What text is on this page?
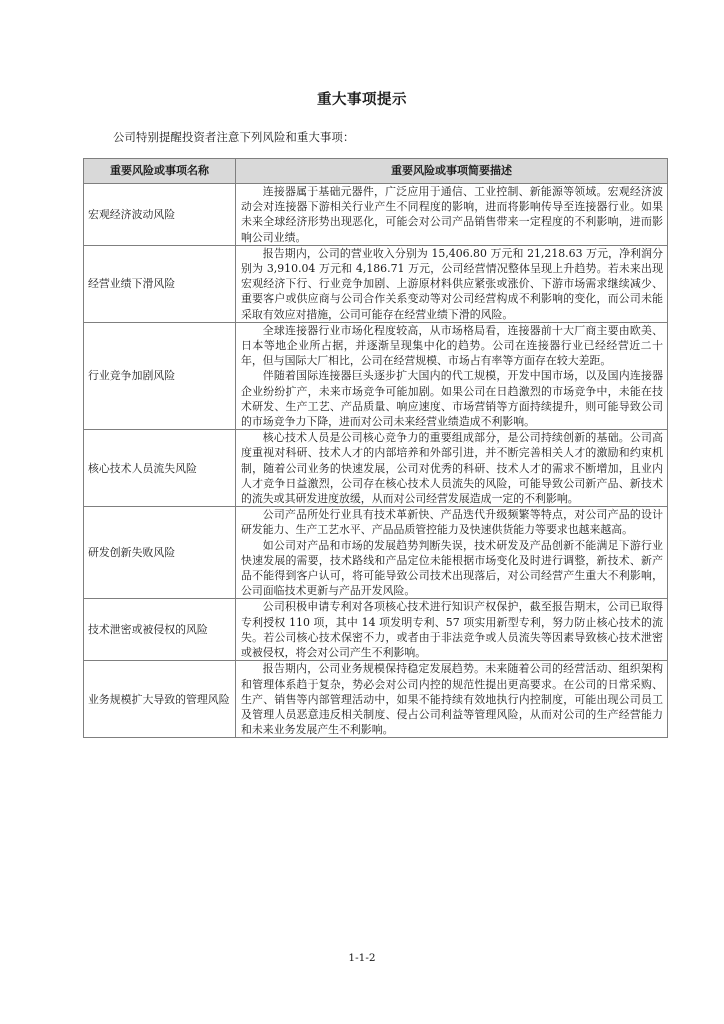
重大事项提示
公司特别提醒投资者注意下列风险和重大事项：
重要风险或事项名称	重要风险或事项简要描述
宏观经济波动风险	连接器属于基础元器件，广泛应用于通信、工业控制、新能源等领域。宏观经济波动会对连接器下游相关行业产生不同程度的影响，进而将影响传导至连接器行业。如果未来全球经济形势出现恶化，可能会对公司产品销售带来一定程度的不利影响，进而影响公司业绩。

经营业绩下滑风险	报告期内，公司的营业收入分别为 15,406.80 万元和 21,218.63 万元，净利润分别为 3,910.04 万元和 4,186.71 万元，公司经营情况整体呈现上升趋势。若未来出现宏观经济下行、行业竞争加剧、上游原材料供应紧张或涨价、下游市场需求继续减少、重要客户或供应商与公司合作关系变动等对公司经营构成不利影响的变化，而公司未能采取有效应对措施，公司可能存在经营业绩下滑的风险。

行业竞争加剧风险	全球连接器行业市场化程度较高，从市场格局看，连接器前十大厂商主要由欧美、日本等地企业所占据，并逐渐呈现集中化的趋势。公司在连接器行业已经经营近二十年，但与国际大厂相比，公司在经营规模、市场占有率等方面存在较大差距。

伴随着国际连接器巨头逐步扩大国内的代工规模，开发中国市场，以及国内连接器企业纷纷扩产，未来市场竞争可能加剧。如果公司在日趋激烈的市场竞争中，未能在技术研发、生产工艺、产品质量、响应速度、市场营销等方面持续提升，则可能导致公司的市场竞争力下降，进而对公司未来经营业绩造成不利影响。

核心技术人员流失风险	核心技术人员是公司核心竞争力的重要组成部分，是公司持续创新的基础。公司高度重视对科研、技术人才的内部培养和外部引进，并不断完善相关人才的激励和约束机制，随着公司业务的快速发展，公司对优秀的科研、技术人才的需求不断增加，且业内人才竞争日益激烈，公司存在核心技术人员流失的风险，可能导致公司新产品、新技术的流失或其研发进度放缓，从而对公司经营发展造成一定的不利影响。

研发创新失败风险	公司产品所处行业具有技术革新快、产品迭代升级频繁等特点，对公司产品的设计研发能力、生产工艺水平、产品品质管控能力及快速供货能力等要求也越来越高。

如公司对产品和市场的发展趋势判断失误，技术研发及产品创新不能满足下游行业快速发展的需要，技术路线和产品定位未能根据市场变化及时进行调整，新技术、新产品不能得到客户认可，将可能导致公司技术出现落后，对公司经营产生重大不利影响，公司面临技术更新与产品开发风险。

技术泄密或被侵权的风险	公司积极申请专利对各项核心技术进行知识产权保护，截至报告期末，公司已取得专利授权 110 项，其中 14 项发明专利、57 项实用新型专利，努力防止核心技术的流失。若公司核心技术保密不力，或者由于非法竞争或人员流失等因素导致核心技术泄密或被侵权，将会对公司产生不利影响。

业务规模扩大导致的管理风险	报告期内，公司业务规模保持稳定发展趋势。未来随着公司的经营活动、组织架构和管理体系趋于复杂，势必会对公司内控的规范性提出更高要求。在公司的日常采购、生产、销售等内部管理活动中，如果不能持续有效地执行内控制度，可能出现公司员工及管理人员恶意违反相关制度、侵占公司利益等管理风险，从而对公司的生产经营能力和未来业务发展产生不利影响。

1-1-2
